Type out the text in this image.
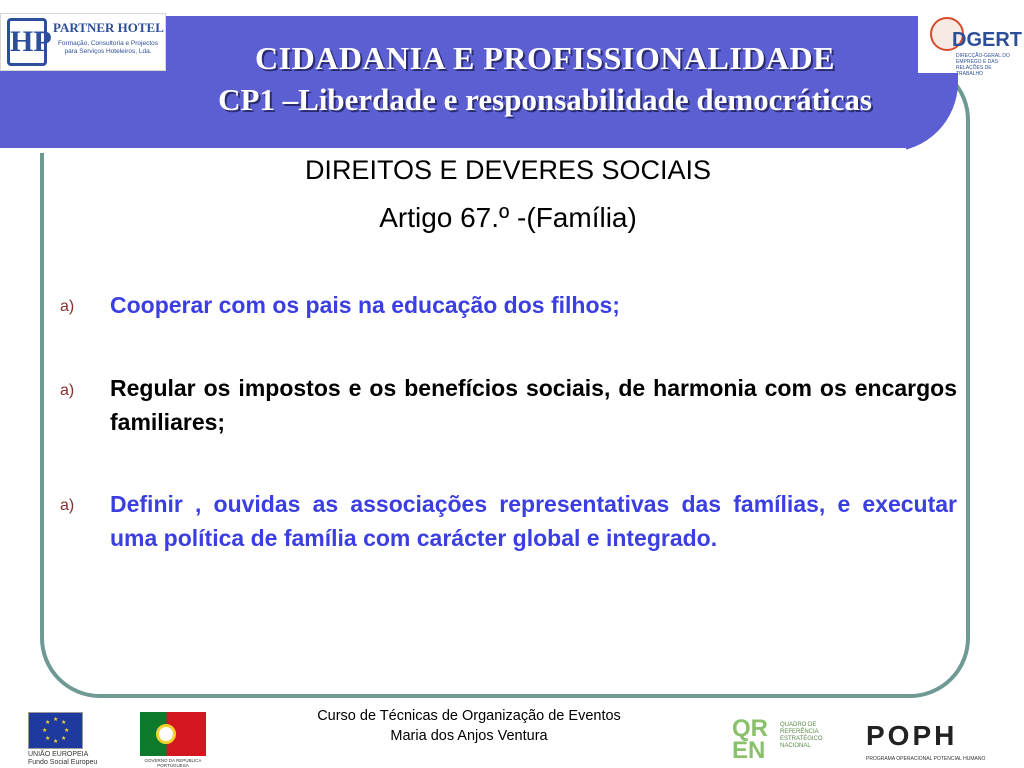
CIDADANIA E PROFISSIONALIDADE
CP1 –Liberdade e responsabilidade democráticas
HP PARTNER HOTEL
Formação, Consultoria e Projectos para Serviços Hoteleiros, Lda.
DGERT
DIRECÇÃO-GERAL DO EMPREGO E DAS RELAÇÕES DE TRABALHO
DIREITOS E DEVERES SOCIAIS
Artigo 67.º -(Família)
a) Cooperar com os pais na educação dos filhos;
a) Regular os impostos e os benefícios sociais, de harmonia com os encargos familiares;
a) Definir , ouvidas as associações representativas das famílias, e executar uma política de família com carácter global e integrado.
Curso de Técnicas de Organização de Eventos
Maria dos Anjos Ventura
★ ★
★
★
★
★
★
★
UNIÃO EUROPEIA
Fundo Social Europeu	GOVERNO DA REPÚBLICA PORTUGUESA
QREN
QUADRO DE REFERÊNCIA ESTRATÉGICO NACIONAL	POPH
PROGRAMA OPERACIONAL POTENCIAL HUMANO
